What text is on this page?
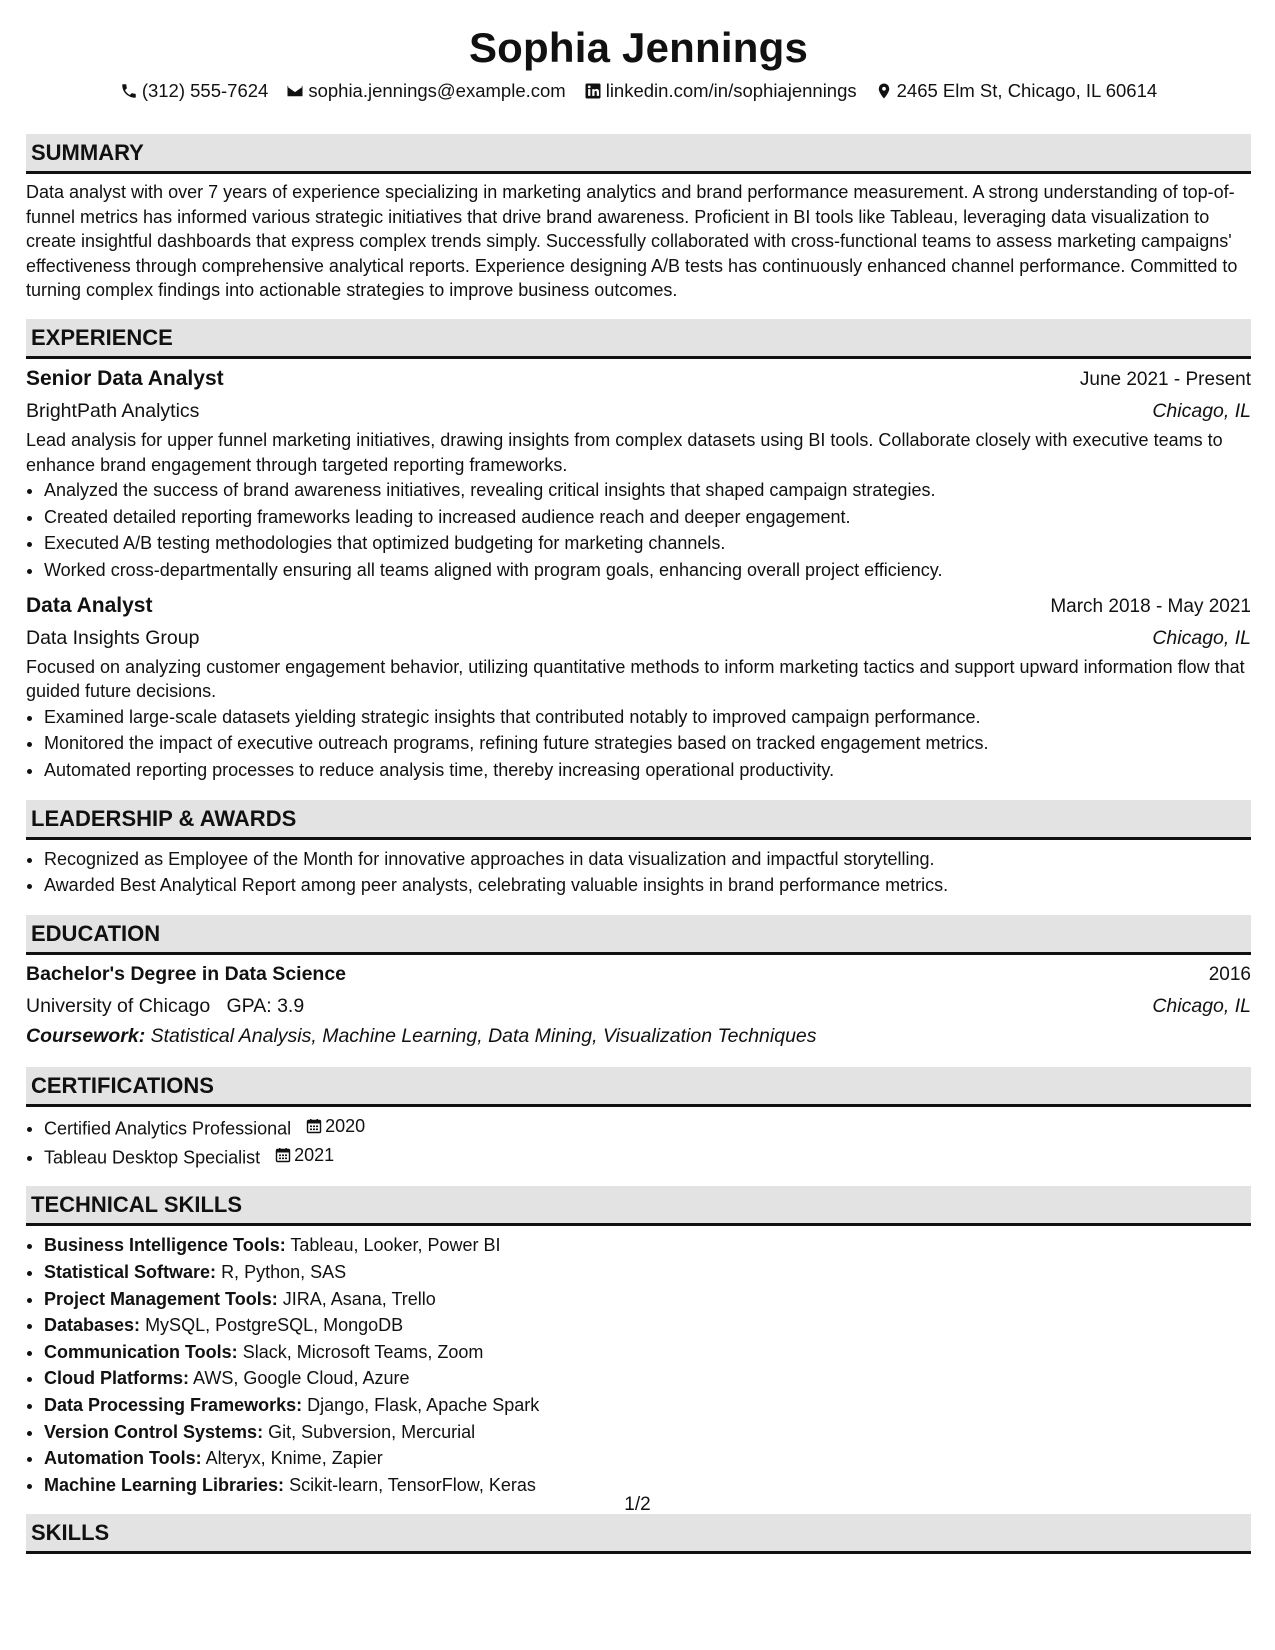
Sophia Jennings
(312) 555-7624 sophia.jennings@example.com linkedin.com/in/sophiajennings 2465 Elm St, Chicago, IL 60614
SUMMARY

Data analyst with over 7 years of experience specializing in marketing analytics and brand performance measurement. A strong understanding of top-of-funnel metrics has informed various strategic initiatives that drive brand awareness. Proficient in BI tools like Tableau, leveraging data visualization to create insightful dashboards that express complex trends simply. Successfully collaborated with cross-functional teams to assess marketing campaigns' effectiveness through comprehensive analytical reports. Experience designing A/B tests has continuously enhanced channel performance. Committed to turning complex findings into actionable strategies to improve business outcomes.

EXPERIENCE
Senior Data Analyst	June 2021 - Present
BrightPath Analytics	Chicago, IL

Lead analysis for upper funnel marketing initiatives, drawing insights from complex datasets using BI tools. Collaborate closely with executive teams to enhance brand engagement through targeted reporting frameworks.

• Analyzed the success of brand awareness initiatives, revealing critical insights that shaped campaign strategies.
• Created detailed reporting frameworks leading to increased audience reach and deeper engagement.
• Executed A/B testing methodologies that optimized budgeting for marketing channels.
• Worked cross-departmentally ensuring all teams aligned with program goals, enhancing overall project efficiency.
Data Analyst	March 2018 - May 2021
Data Insights Group	Chicago, IL

Focused on analyzing customer engagement behavior, utilizing quantitative methods to inform marketing tactics and support upward information flow that guided future decisions.

• Examined large-scale datasets yielding strategic insights that contributed notably to improved campaign performance.
• Monitored the impact of executive outreach programs, refining future strategies based on tracked engagement metrics.
• Automated reporting processes to reduce analysis time, thereby increasing operational productivity.
LEADERSHIP & AWARDS
• Recognized as Employee of the Month for innovative approaches in data visualization and impactful storytelling.
• Awarded Best Analytical Report among peer analysts, celebrating valuable insights in brand performance metrics.
EDUCATION
Bachelor's Degree in Data Science	2016
University of Chicago GPA: 3.9	Chicago, IL
Coursework: Statistical Analysis, Machine Learning, Data Mining, Visualization Techniques
CERTIFICATIONS
• Certified Analytics Professional 2020
• Tableau Desktop Specialist 2021
TECHNICAL SKILLS
• Business Intelligence Tools: Tableau, Looker, Power BI
• Statistical Software: R, Python, SAS
• Project Management Tools: JIRA, Asana, Trello
• Databases: MySQL, PostgreSQL, MongoDB
• Communication Tools: Slack, Microsoft Teams, Zoom
• Cloud Platforms: AWS, Google Cloud, Azure
• Data Processing Frameworks: Django, Flask, Apache Spark
• Version Control Systems: Git, Subversion, Mercurial
• Automation Tools: Alteryx, Knime, Zapier
• Machine Learning Libraries: Scikit-learn, TensorFlow, Keras
SKILLS
1/2
